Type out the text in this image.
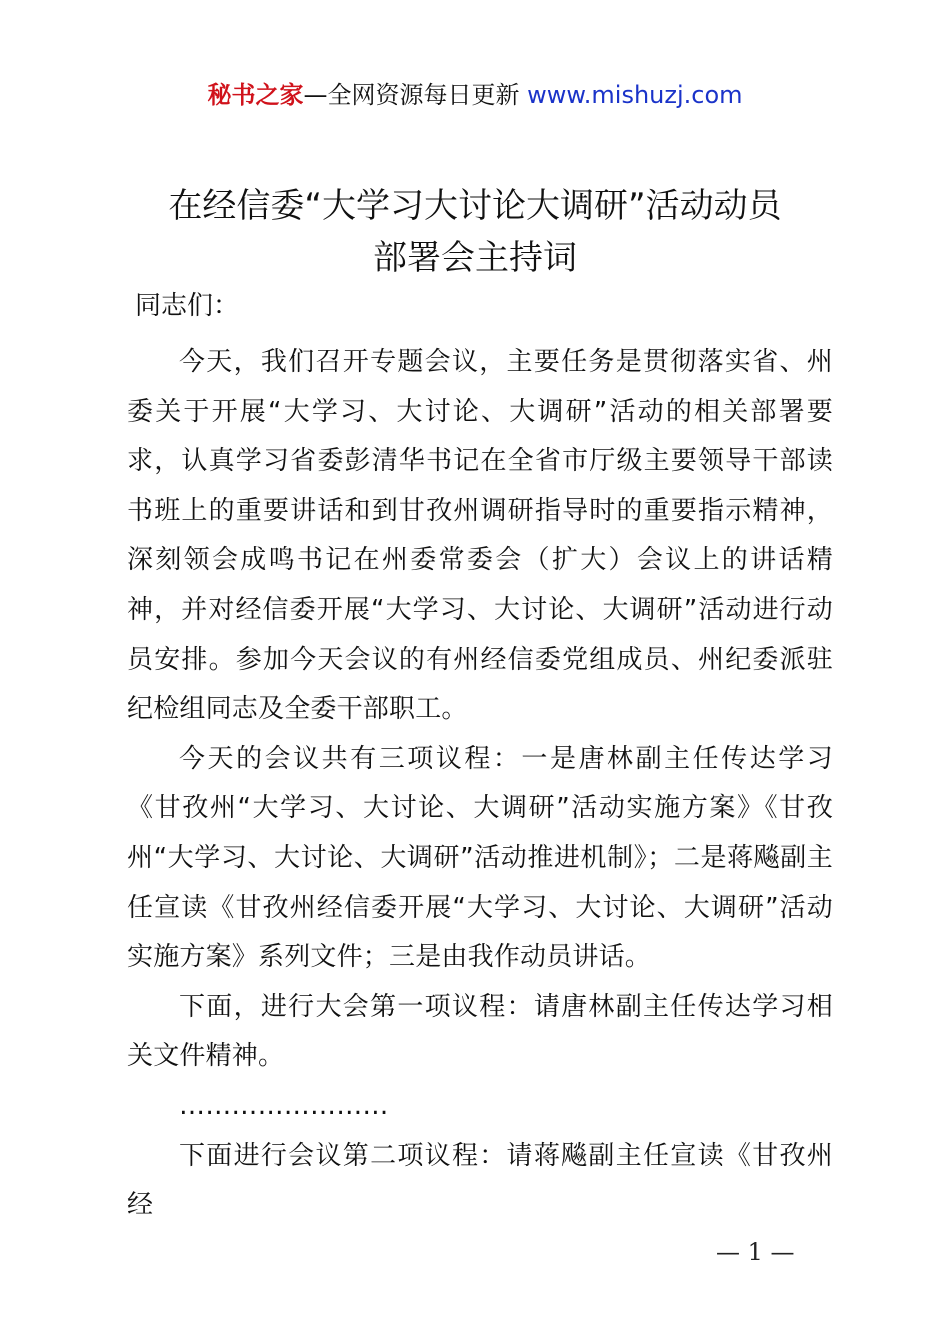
秘书之家—全网资源每日更新 www.mishuzj.com
在经信委“大学习大讨论大调研”活动动员
部署会主持词

同志们：

今天，我们召开专题会议，主要任务是贯彻落实省、州委关于开展“大学习、大讨论、大调研”活动的相关部署要求，认真学习省委彭清华书记在全省市厅级主要领导干部读书班上的重要讲话和到甘孜州调研指导时的重要指示精神，深刻领会成鸣书记在州委常委会（扩大）会议上的讲话精神，并对经信委开展“大学习、大讨论、大调研”活动进行动员安排。参加今天会议的有州经信委党组成员、州纪委派驻纪检组同志及全委干部职工。

今天的会议共有三项议程：一是唐林副主任传达学习《甘孜州“大学习、大讨论、大调研”活动实施方案》《甘孜州“大学习、大讨论、大调研”活动推进机制》；二是蒋飚副主任宣读《甘孜州经信委开展“大学习、大讨论、大调研”活动实施方案》系列文件；三是由我作动员讲话。

下面，进行大会第一项议程：请唐林副主任传达学习相关文件精神。

……………………

下面进行会议第二项议程：请蒋飚副主任宣读《甘孜州经

— 1 —
